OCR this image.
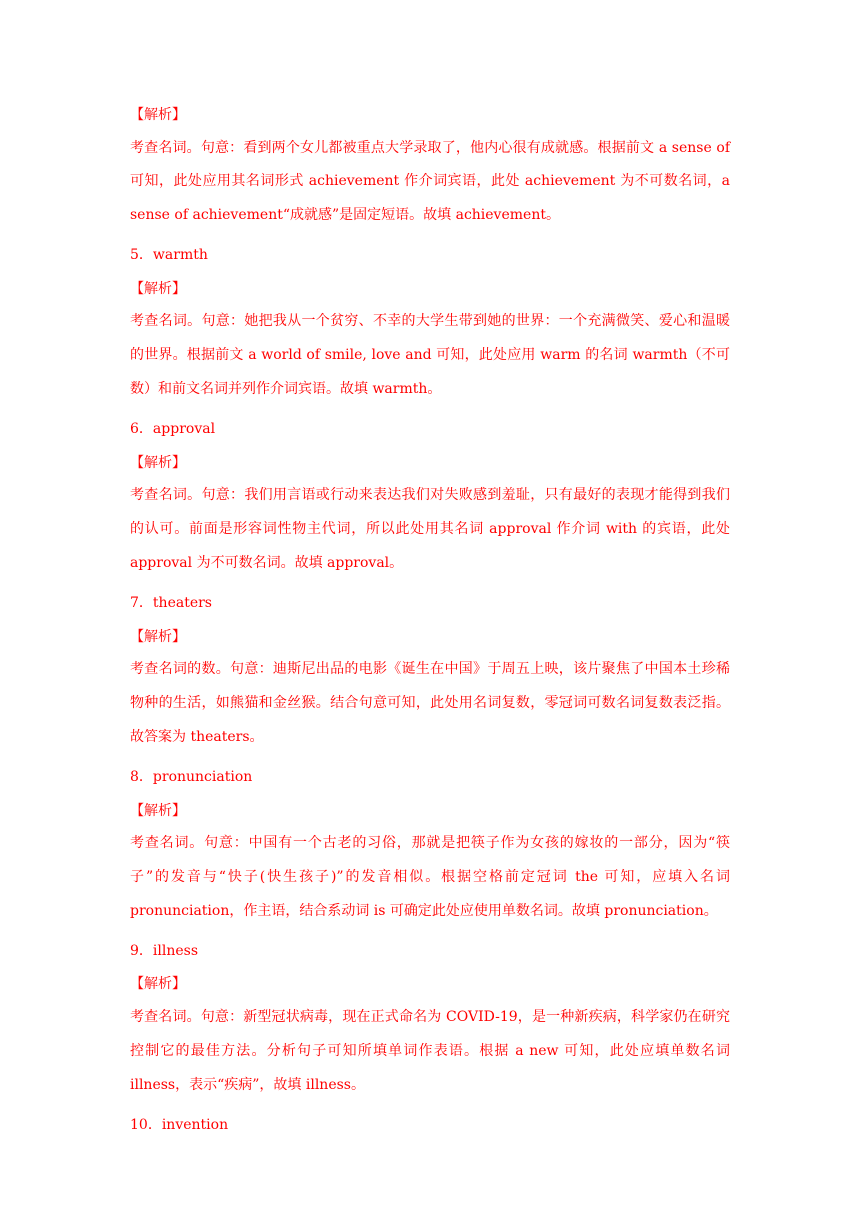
【解析】

考查名词。句意：看到两个女儿都被重点大学录取了，他内心很有成就感。根据前文 a sense of 可知，此处应用其名词形式 achievement 作介词宾语，此处 achievement 为不可数名词，a sense of achievement“成就感”是固定短语。故填 achievement。

5．warmth

【解析】

考查名词。句意：她把我从一个贫穷、不幸的大学生带到她的世界：一个充满微笑、爱心和温暖的世界。根据前文 a world of smile, love and 可知，此处应用 warm 的名词 warmth（不可数）和前文名词并列作介词宾语。故填 warmth。

6．approval

【解析】

考查名词。句意：我们用言语或行动来表达我们对失败感到羞耻，只有最好的表现才能得到我们的认可。前面是形容词性物主代词，所以此处用其名词 approval 作介词 with 的宾语，此处 approval 为不可数名词。故填 approval。

7．theaters

【解析】

考查名词的数。句意：迪斯尼出品的电影《诞生在中国》于周五上映，该片聚焦了中国本土珍稀物种的生活，如熊猫和金丝猴。结合句意可知，此处用名词复数，零冠词可数名词复数表泛指。故答案为 theaters。

8．pronunciation

【解析】

考查名词。句意：中国有一个古老的习俗，那就是把筷子作为女孩的嫁妆的一部分，因为“筷子”的发音与“快子(快生孩子)”的发音相似。根据空格前定冠词 the 可知，应填入名词 pronunciation，作主语，结合系动词 is 可确定此处应使用单数名词。故填 pronunciation。

9．illness

【解析】

考查名词。句意：新型冠状病毒，现在正式命名为 COVID-19，是一种新疾病，科学家仍在研究控制它的最佳方法。分析句子可知所填单词作表语。根据 a new 可知，此处应填单数名词 illness，表示“疾病”，故填 illness。

10．invention
